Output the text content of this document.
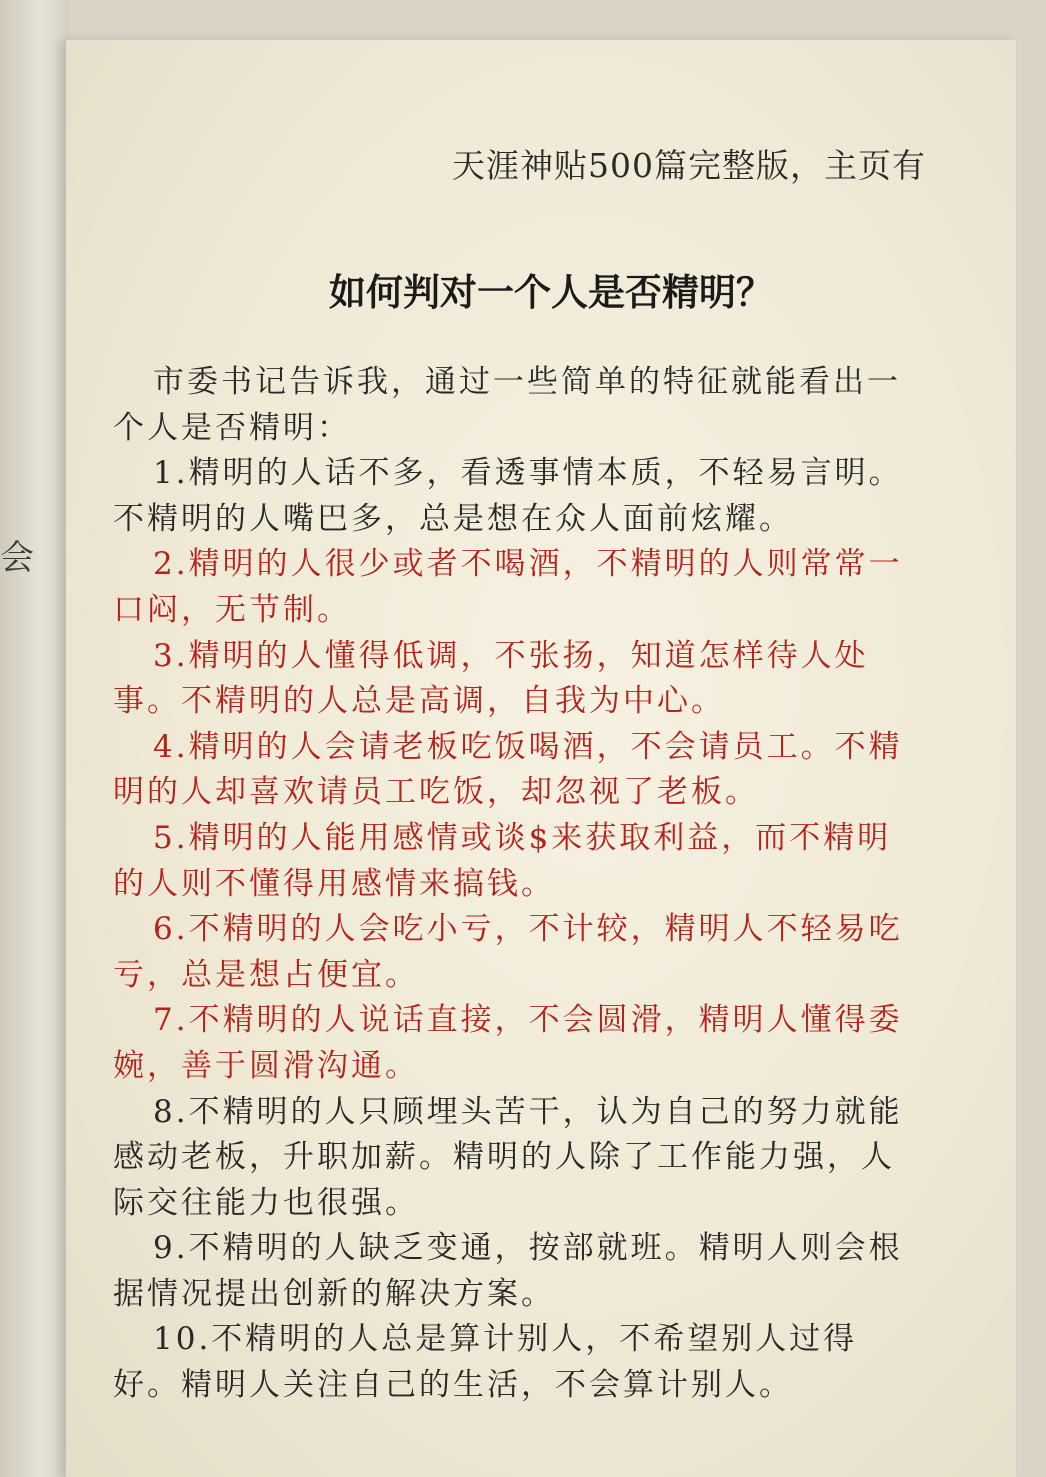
会
天涯神贴500篇完整版，主页有
如何判对一个人是否精明？

市委书记告诉我，通过一些简单的特征就能看出一个人是否精明：

1.精明的人话不多，看透事情本质，不轻易言明。不精明的人嘴巴多，总是想在众人面前炫耀。

2.精明的人很少或者不喝酒，不精明的人则常常一口闷，无节制。

3.精明的人懂得低调，不张扬，知道怎样待人处事。不精明的人总是高调，自我为中心。

4.精明的人会请老板吃饭喝酒，不会请员工。不精明的人却喜欢请员工吃饭，却忽视了老板。

5.精明的人能用感情或谈$来获取利益，而不精明的人则不懂得用感情来搞钱。

6.不精明的人会吃小亏，不计较，精明人不轻易吃亏，总是想占便宜。

7.不精明的人说话直接，不会圆滑，精明人懂得委婉，善于圆滑沟通。

8.不精明的人只顾埋头苦干，认为自己的努力就能感动老板，升职加薪。精明的人除了工作能力强，人际交往能力也很强。

9.不精明的人缺乏变通，按部就班。精明人则会根据情况提出创新的解决方案。

10.不精明的人总是算计别人，不希望别人过得好。精明人关注自己的生活，不会算计别人。
